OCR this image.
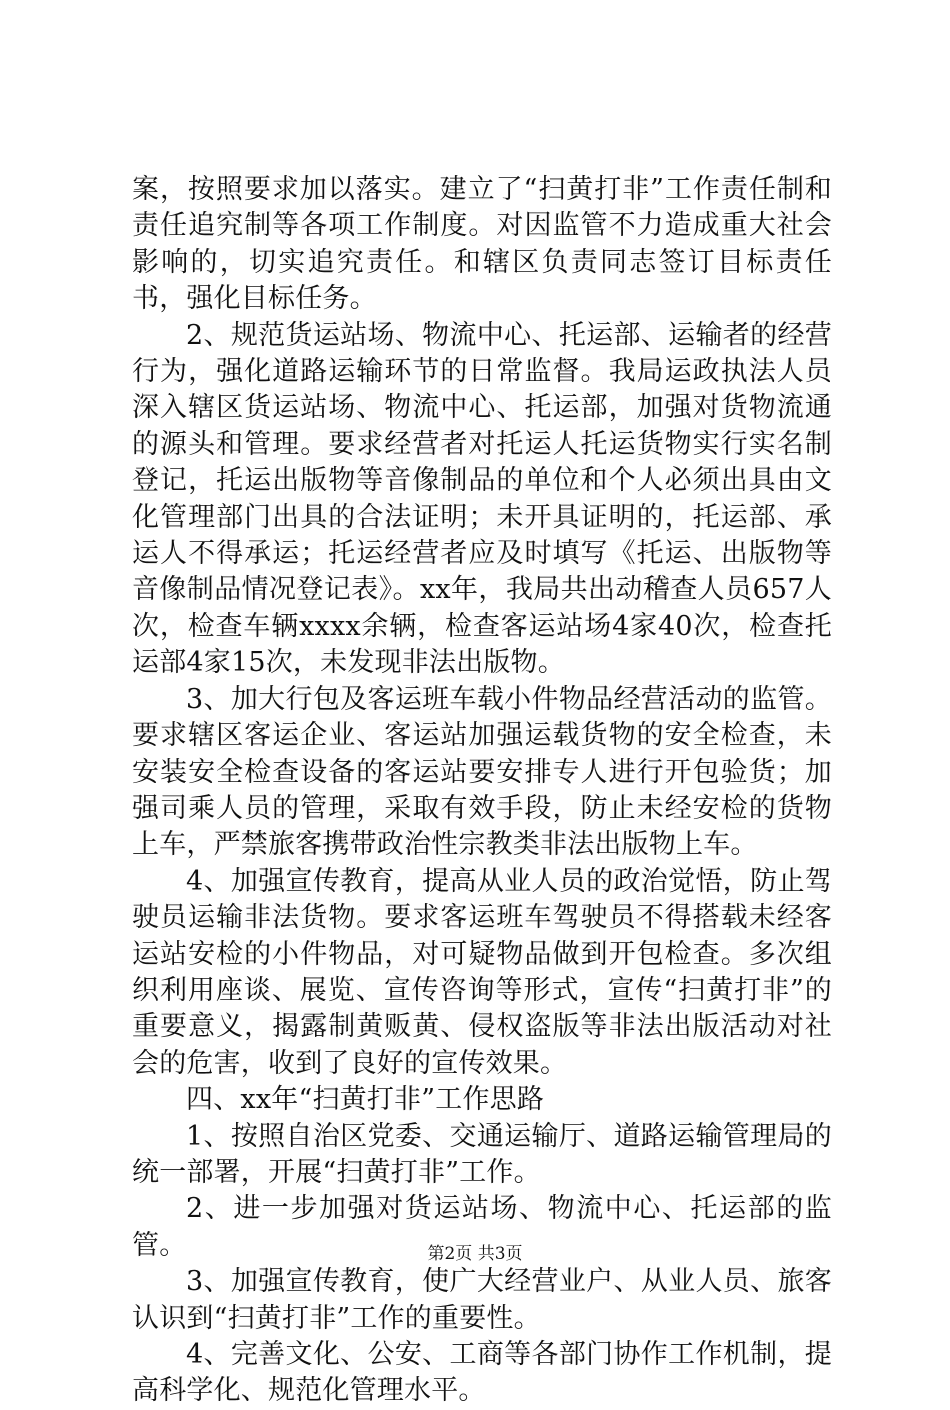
案，按照要求加以落实。建立了“扫黄打非”工作责任制和责任追究制等各项工作制度。对因监管不力造成重大社会影响的，切实追究责任。和辖区负责同志签订目标责任书，强化目标任务。

2、规范货运站场、物流中心、托运部、运输者的经营行为，强化道路运输环节的日常监督。我局运政执法人员深入辖区货运站场、物流中心、托运部，加强对货物流通的源头和管理。要求经营者对托运人托运货物实行实名制登记，托运出版物等音像制品的单位和个人必须出具由文化管理部门出具的合法证明；未开具证明的，托运部、承运人不得承运；托运经营者应及时填写《托运、出版物等音像制品情况登记表》。xx年，我局共出动稽查人员657人次，检查车辆xxxx余辆，检查客运站场4家40次，检查托运部4家15次，未发现非法出版物。

3、加大行包及客运班车载小件物品经营活动的监管。要求辖区客运企业、客运站加强运载货物的安全检查，未安装安全检查设备的客运站要安排专人进行开包验货；加强司乘人员的管理，采取有效手段，防止未经安检的货物上车，严禁旅客携带政治性宗教类非法出版物上车。

4、加强宣传教育，提高从业人员的政治觉悟，防止驾驶员运输非法货物。要求客运班车驾驶员不得搭载未经客运站安检的小件物品，对可疑物品做到开包检查。多次组织利用座谈、展览、宣传咨询等形式，宣传“扫黄打非”的重要意义，揭露制黄贩黄、侵权盗版等非法出版活动对社会的危害，收到了良好的宣传效果。

四、xx年“扫黄打非”工作思路

1、按照自治区党委、交通运输厅、道路运输管理局的统一部署，开展“扫黄打非”工作。

2、进一步加强对货运站场、物流中心、托运部的监管。

3、加强宣传教育，使广大经营业户、从业人员、旅客认识到“扫黄打非”工作的重要性。

4、完善文化、公安、工商等各部门协作工作机制，提高科学化、规范化管理水平。

第2页 共3页
